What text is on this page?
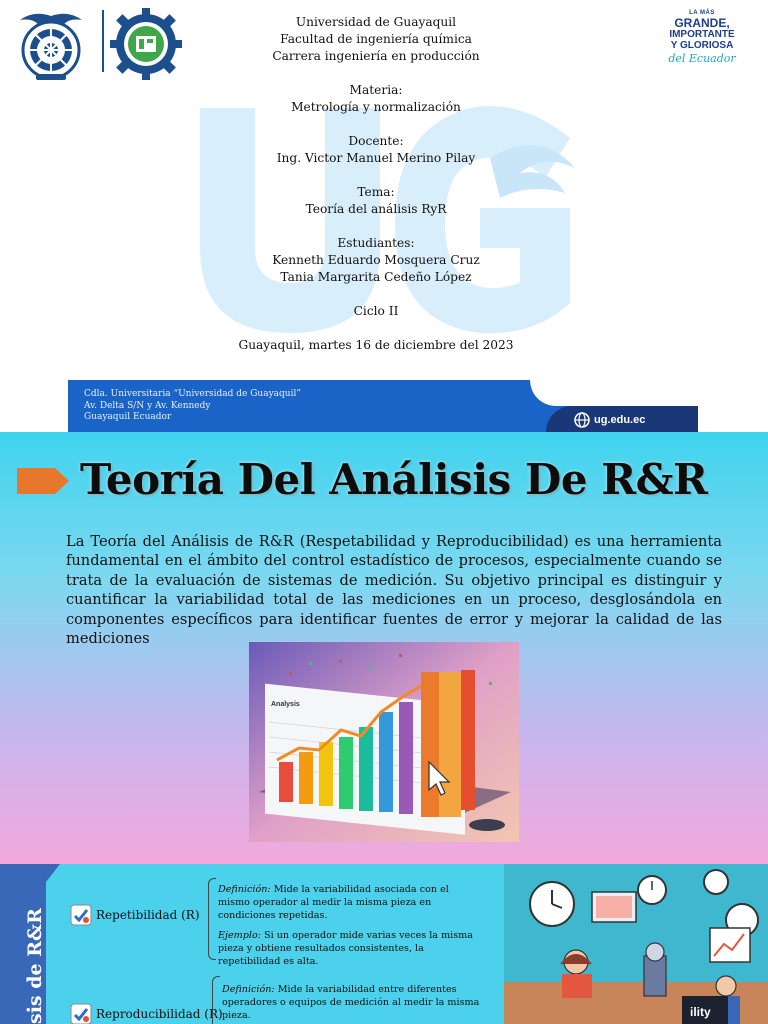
LA MÁS
GRANDE,
IMPORTANTE
Y GLORIOSA
del Ecuador
Universidad de Guayaquil
Facultad de ingeniería química
Carrera ingeniería en producción
Materia:
Metrología y normalización
Docente:
Ing. Victor Manuel Merino Pilay
Tema:
Teoría del análisis RyR
Estudiantes:
Kenneth Eduardo Mosquera Cruz
Tania Margarita Cedeño López
Ciclo II
Guayaquil, martes 16 de diciembre del 2023
Cdla. Universitaria “Universidad de Guayaquil”
Av. Delta S/N y Av. Kennedy
Guayaquil Ecuador	ug.edu.ec
Teoría Del Análisis De R&R

La Teoría del Análisis de R&R (Respetabilidad y Reproducibilidad) es una herramienta fundamental en el ámbito del control estadístico de procesos, especialmente cuando se trata de la evaluación de sistemas de medición. Su objetivo principal es distinguir y cuantificar la variabilidad total de las mediciones en un proceso, desglosándola en componentes específicos para identificar fuentes de error y mejorar la calidad de las mediciones

Analysis
sis de R&R	Repetibilidad (R)

Definición: Mide la variabilidad asociada con el mismo operador al medir la misma pieza en condiciones repetidas.

Ejemplo: Si un operador mide varias veces la misma pieza y obtiene resultados consistentes, la repetibilidad es alta.

Reproducibilidad (R)

Definición: Mide la variabilidad entre diferentes operadores o equipos de medición al medir la misma pieza.	ility
